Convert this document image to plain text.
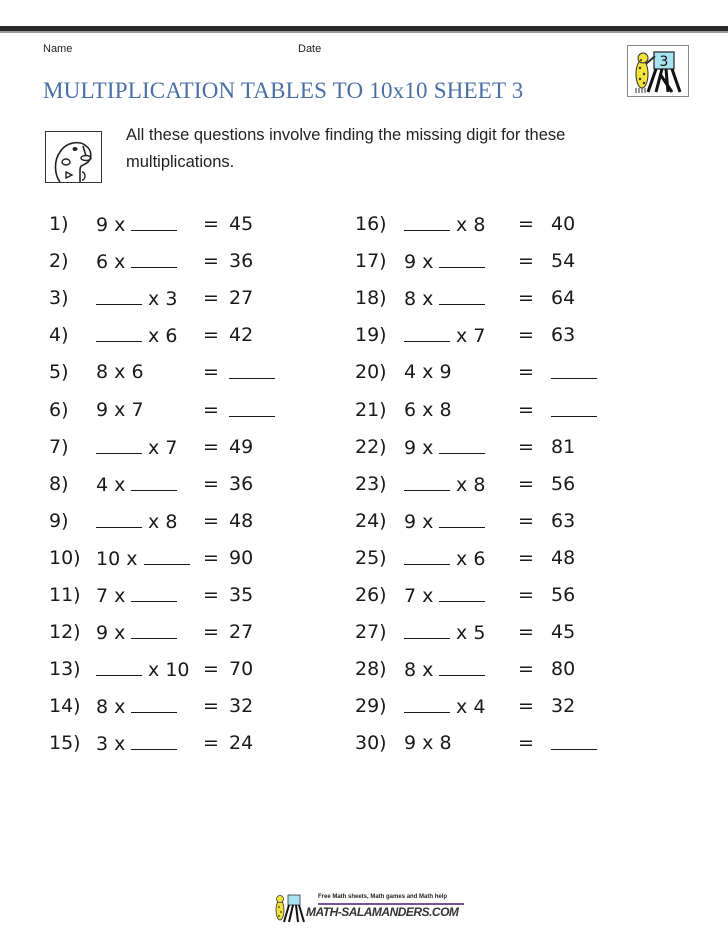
Name	Date
MULTIPLICATION TABLES TO 10x10 SHEET 3
3
All these questions involve finding the missing digit for these multiplications.
1) 9 x	= 45
2) 6 x	= 36
3)	x 3 = 27
4)	x 6 = 42
5) 8 x 6	=
6) 9 x 7	=
7)	x 7 = 49
8) 4 x	= 36
9)	x 8 = 48
10) 10 x	= 90
11) 7 x	= 35
12) 9 x	= 27
13)	x 10 = 70
14) 8 x	= 32
15) 3 x	= 24
16)	x 8 = 40
17) 9 x	= 54
18) 8 x	= 64
19)	x 7 = 63
20) 4 x 9	=
21) 6 x 8	=
22) 9 x	= 81
23)	x 8 = 56
24) 9 x	= 63
25)	x 6 = 48
26) 7 x	= 56
27)	x 5 = 45
28) 8 x	= 80
29)	x 4 = 32
30) 9 x 8	=
Free Math sheets, Math games and Math help
MATH-SALAMANDERS.COM
